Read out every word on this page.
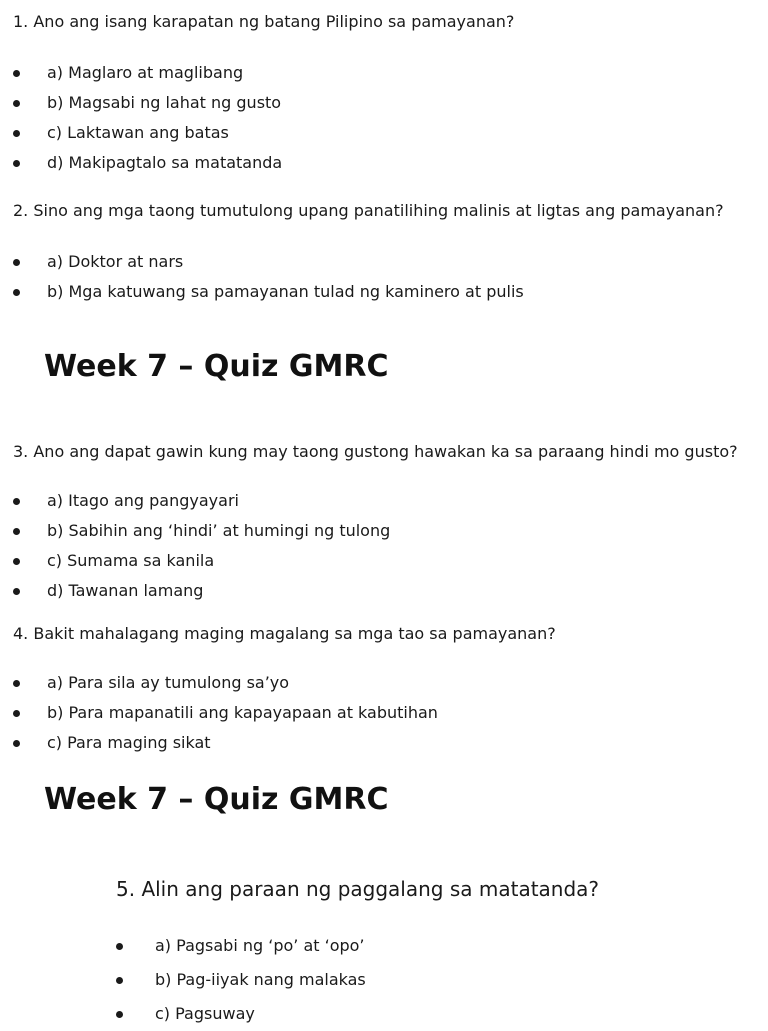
1. Ano ang isang karapatan ng batang Pilipino sa pamayanan?
a) Maglaro at maglibang
b) Magsabi ng lahat ng gusto
c) Laktawan ang batas
d) Makipagtalo sa matatanda
2. Sino ang mga taong tumutulong upang panatilihing malinis at ligtas ang pamayanan?
a) Doktor at nars
b) Mga katuwang sa pamayanan tulad ng kaminero at pulis
Week 7 – Quiz GMRC
3. Ano ang dapat gawin kung may taong gustong hawakan ka sa paraang hindi mo gusto?
a) Itago ang pangyayari
b) Sabihin ang ‘hindi’ at humingi ng tulong
c) Sumama sa kanila
d) Tawanan lamang
4. Bakit mahalagang maging magalang sa mga tao sa pamayanan?
a) Para sila ay tumulong sa’yo
b) Para mapanatili ang kapayapaan at kabutihan
c) Para maging sikat
Week 7 – Quiz GMRC
5. Alin ang paraan ng paggalang sa matatanda?
a) Pagsabi ng ‘po’ at ‘opo’
b) Pag-iiyak nang malakas
c) Pagsuway
